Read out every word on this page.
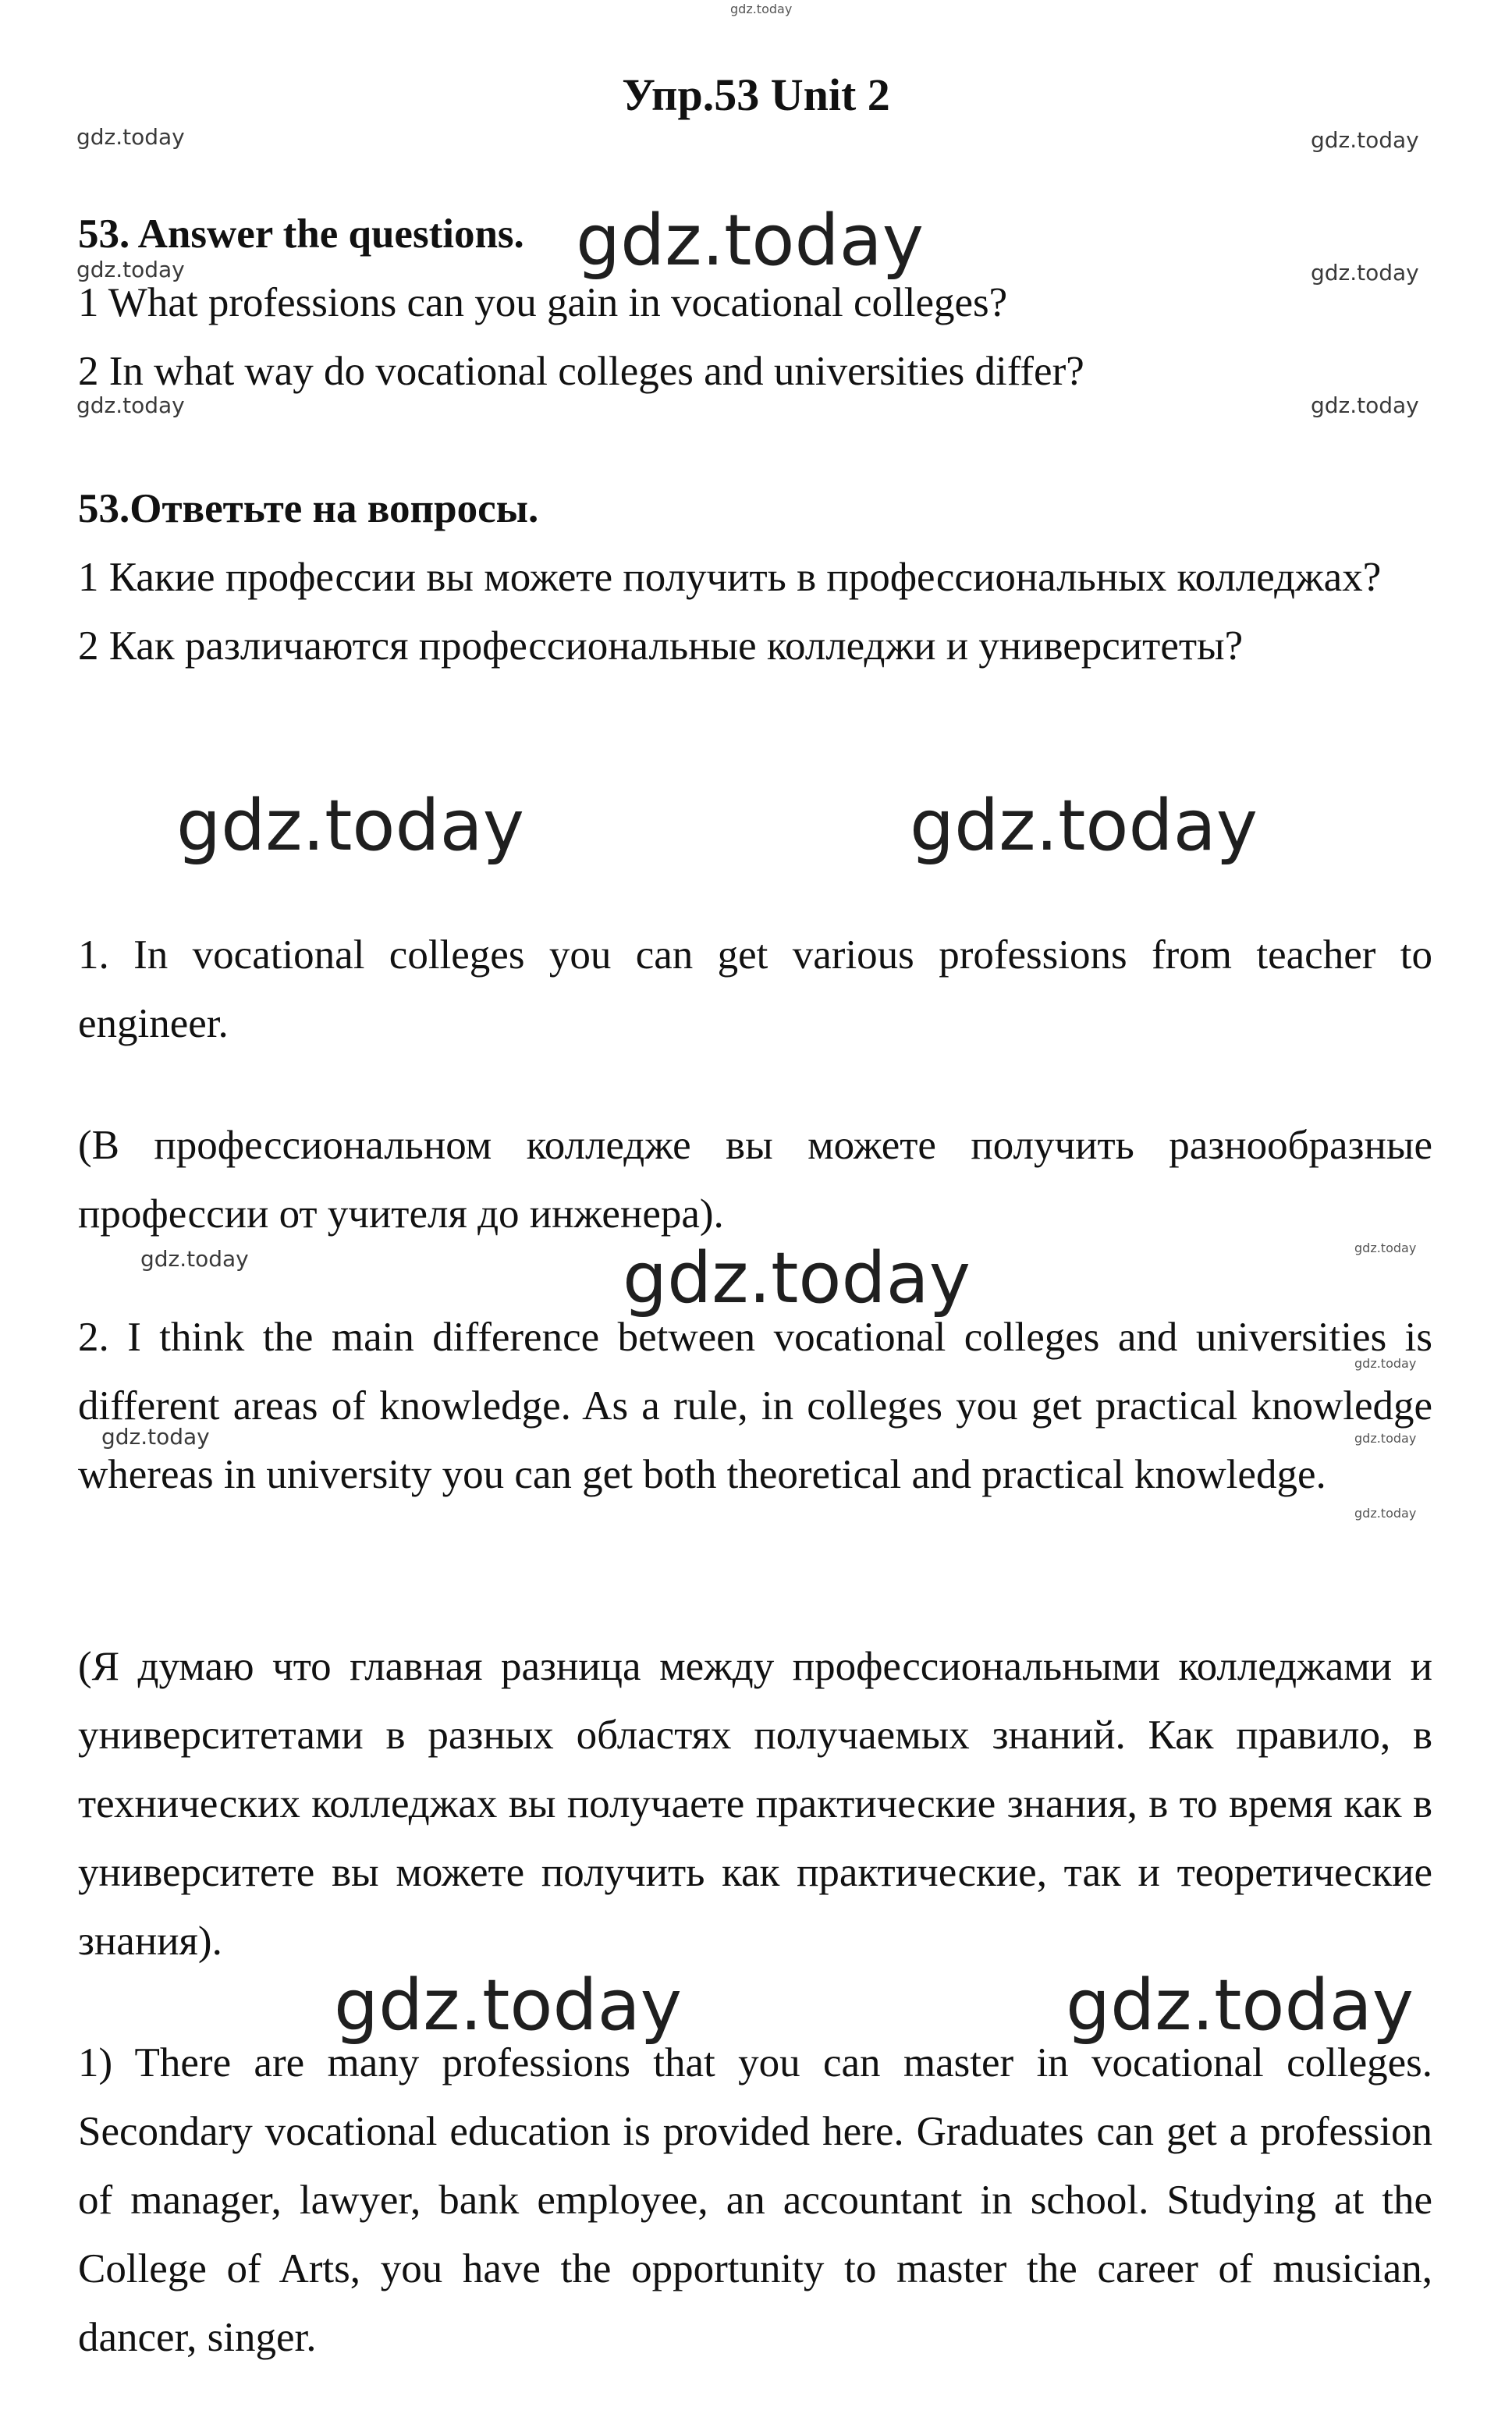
gdz.today
gdz.today	gdz.today
gdz.today
gdz.today	gdz.today
gdz.today	gdz.today
gdz.today	gdz.today
gdz.today	gdz.today
gdz.today
gdz.today
gdz.today	gdz.today
gdz.today
gdz.today	gdz.today
Упр.53 Unit 2

53. Answer the questions.

1 What professions can you gain in vocational colleges?

2 In what way do vocational colleges and universities differ?

53.Ответьте на вопросы.

1 Какие профессии вы можете получить в профессиональных колледжах?

2 Как различаются профессиональные колледжи и университеты?

1. In vocational colleges you can get various professions from teacher to engineer.

(В профессиональном колледже вы можете получить разнообразные профессии от учителя до инженера).

2. I think the main difference between vocational colleges and universities is different areas of knowledge. As a rule, in colleges you get practical knowledge whereas in university you can get both theoretical and practical knowledge.

(Я думаю что главная разница между профессиональными колледжами и университетами в разных областях получаемых знаний. Как правило, в технических колледжах вы получаете практические знания, в то время как в университете вы можете получить как практические, так и теоретические знания).

1) There are many professions that you can master in vocational colleges. Secondary vocational education is provided here. Graduates can get a profession of manager, lawyer, bank employee, an accountant in school. Studying at the College of Arts, you have the opportunity to master the career of musician, dancer, singer.
